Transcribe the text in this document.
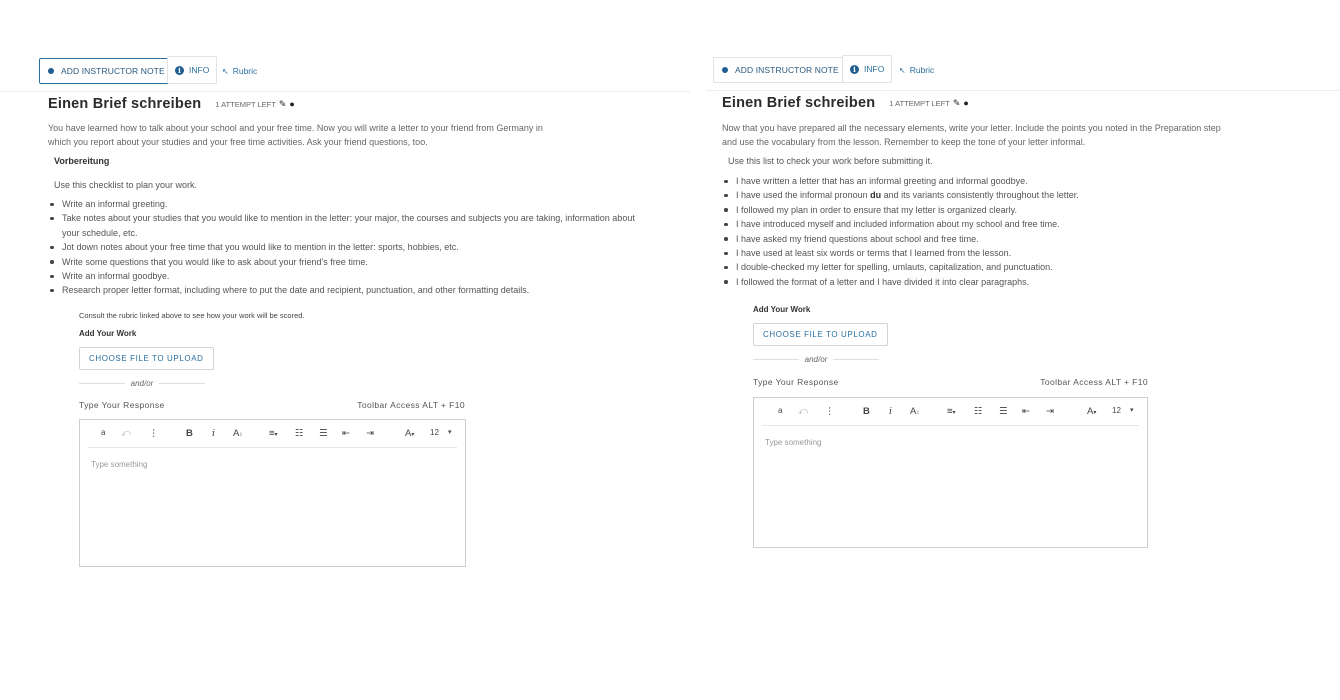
ADD INSTRUCTOR NOTE	i INFO ↖ Rubric
Einen Brief schreiben 1 ATTEMPT LEFT ✎ ●
You have learned how to talk about your school and your free time. Now you will write a letter to your friend from Germany in
which you report about your studies and your free time activities. Ask your friend questions, too.
Vorbereitung
Use this checklist to plan your work.
Write an informal greeting.
Take notes about your studies that you would like to mention in the letter: your major, the courses and subjects you are taking, information about
your schedule, etc.
Jot down notes about your free time that you would like to mention in the letter: sports, hobbies, etc.
Write some questions that you would like to ask about your friend’s free time.
Write an informal goodbye.
Research proper letter format, including where to put the date and recipient, punctuation, and other formatting details.
Consult the rubric linked above to see how your work will be scored.
Add Your Work
CHOOSE FILE TO UPLOAD
and/or
Type Your Response	Toolbar Access ALT + F10
a ⤺ ⋮	B i A↕	≡▾ ☷ ☰ ⇤ ⇥	A▾ 12 ▾
Type something
ADD INSTRUCTOR NOTE	i INFO ↖ Rubric
Einen Brief schreiben 1 ATTEMPT LEFT ✎ ●
Now that you have prepared all the necessary elements, write your letter. Include the points you noted in the Preparation step
and use the vocabulary from the lesson. Remember to keep the tone of your letter informal.
Use this list to check your work before submitting it.
I have written a letter that has an informal greeting and informal goodbye.
I have used the informal pronoun du and its variants consistently throughout the letter.
I followed my plan in order to ensure that my letter is organized clearly.
I have introduced myself and included information about my school and free time.
I have asked my friend questions about school and free time.
I have used at least six words or terms that I learned from the lesson.
I double-checked my letter for spelling, umlauts, capitalization, and punctuation.
I followed the format of a letter and I have divided it into clear paragraphs.
Add Your Work
CHOOSE FILE TO UPLOAD
and/or
Type Your Response	Toolbar Access ALT + F10
a ⤺ ⋮	B i A↕	≡▾ ☷ ☰ ⇤ ⇥	A▾ 12 ▾
Type something
